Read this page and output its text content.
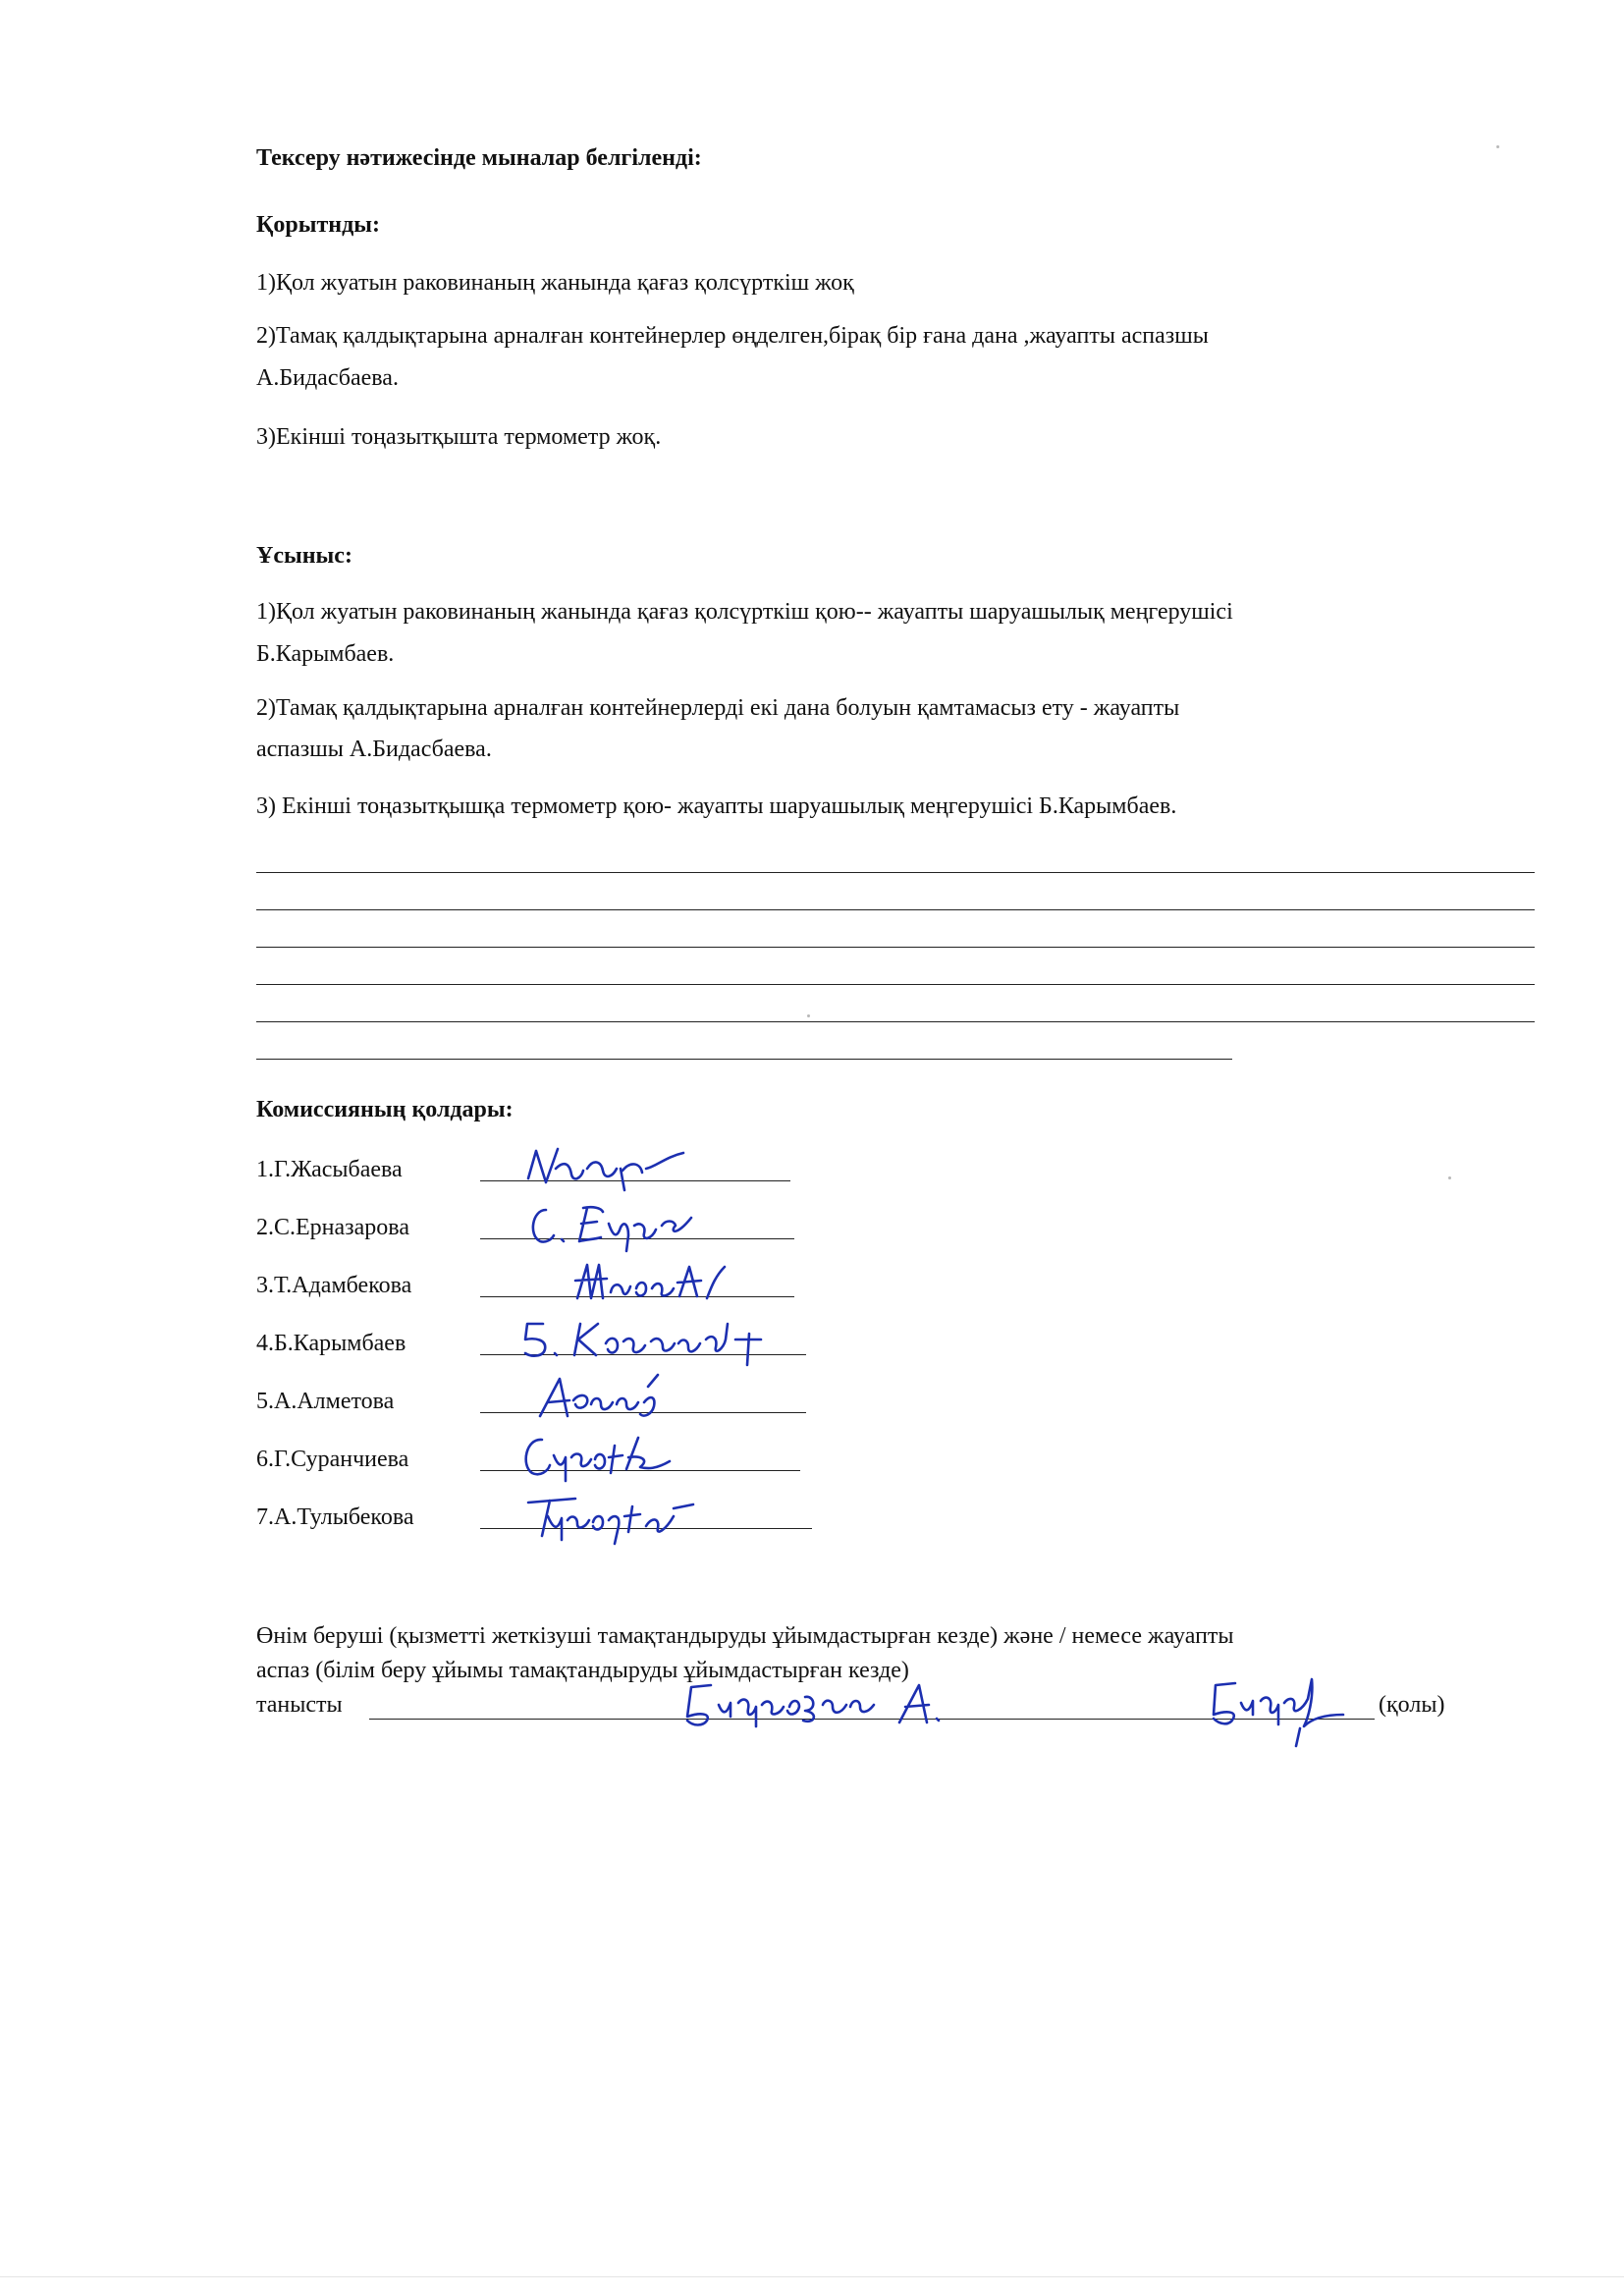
Тексеру нәтижесінде мыналар белгіленді:
Қорытнды:
1)Қол жуатын раковинаның жанында қағаз қолсүрткіш жоқ
2)Тамақ қалдықтарына арналған контейнерлер өңделген,бірақ бір ғана дана ,жауапты аспазшы
А.Бидасбаева.
3)Екінші тоңазытқышта термометр жоқ.
Ұсыныс:
1)Қол жуатын раковинаның жанында қағаз қолсүрткіш қою-- жауапты шаруашылық меңгерушісі
Б.Карымбаев.
2)Тамақ қалдықтарына арналған контейнерлерді екі дана болуын қамтамасыз ету - жауапты
аспазшы А.Бидасбаева.
3) Екінші тоңазытқышқа термометр қою- жауапты шаруашылық меңгерушісі Б.Карымбаев.
Комиссияның қолдары:
1.Г.Жасыбаева
2.С.Ерназарова
3.Т.Адамбекова
4.Б.Карымбаев
5.А.Алметова
6.Г.Суранчиева
7.А.Тулыбекова
Өнім беруші (қызметті жеткізуші тамақтандыруды ұйымдастырған кезде) және / немесе жауапты
аспаз (білім беру ұйымы тамақтандыруды ұйымдастырған кезде)
таныcты	(қолы)
